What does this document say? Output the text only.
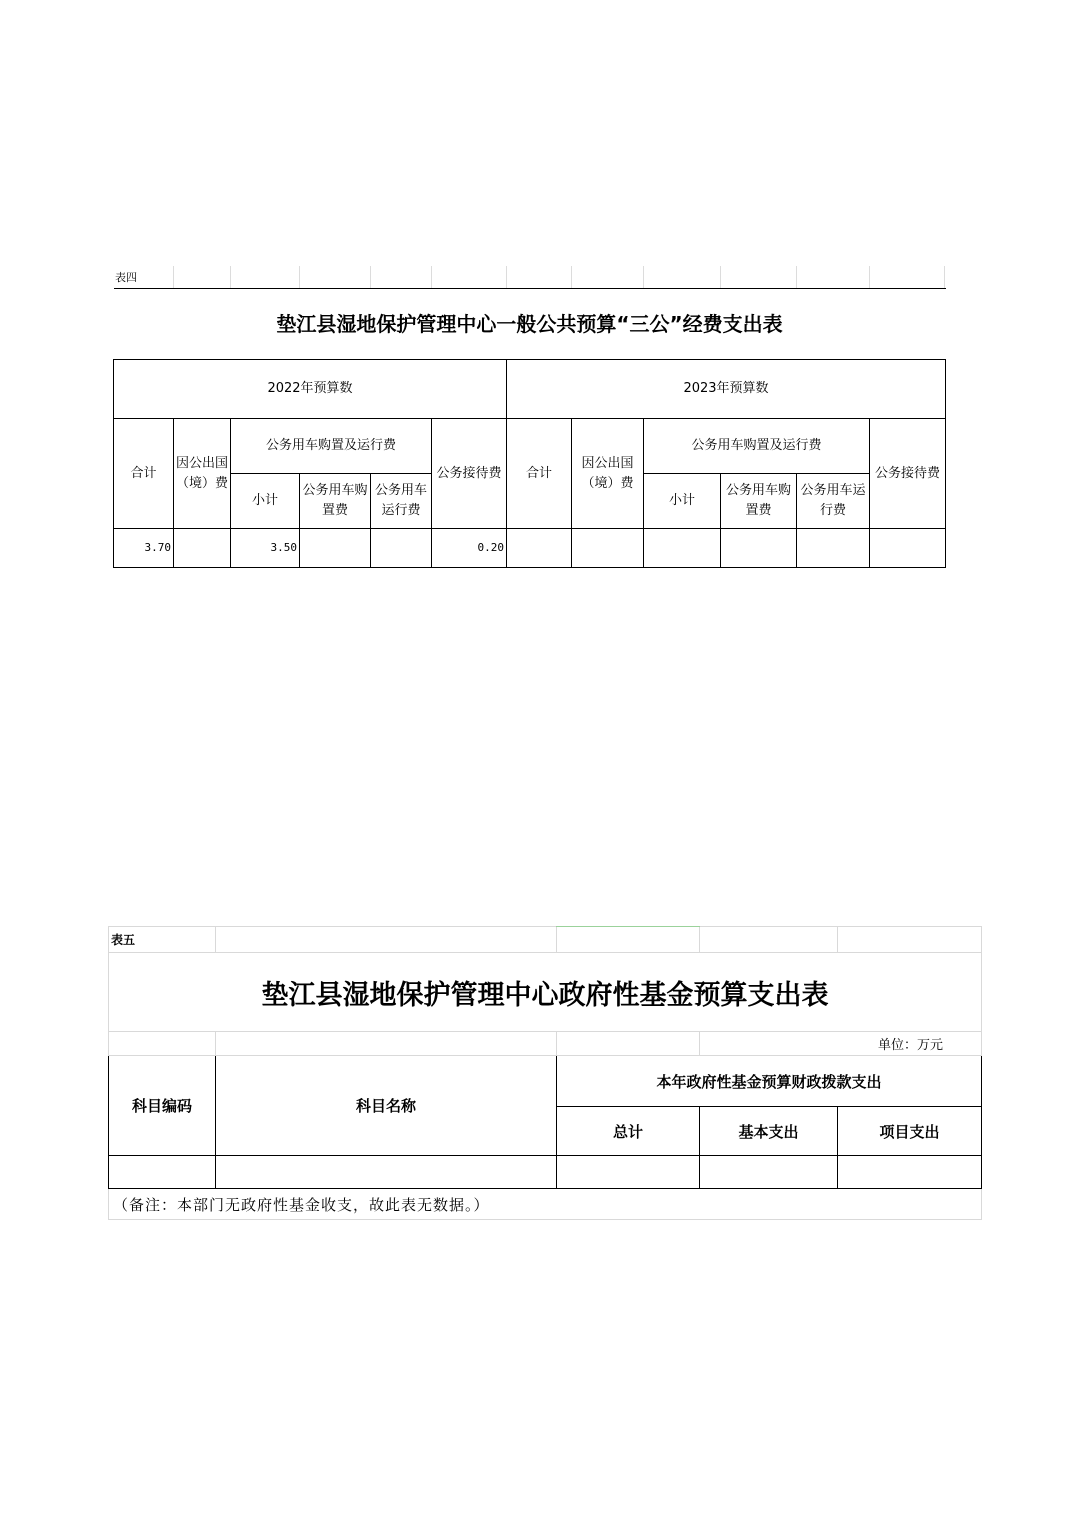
表四
垫江县湿地保护管理中心一般公共预算“三公”经费支出表											
2022年预算数						2023年预算数					
合计	因公出国（境）费	公务用车购置及运行费			公务接待费	合计	因公出国（境）费	公务用车购置及运行费			公务接待费
		小计	公务用车购置费	公务用车运行费				小计	公务用车购置费	公务用车运行费	
3.70		3.50			0.20						
表五				
垫江县湿地保护管理中心政府性基金预算支出表				
			单位：万元	
科目编码	科目名称	本年政府性基金预算财政拨款支出		
		总计	基本支出	项目支出

（备注：本部门无政府性基金收支，故此表无数据。）				
